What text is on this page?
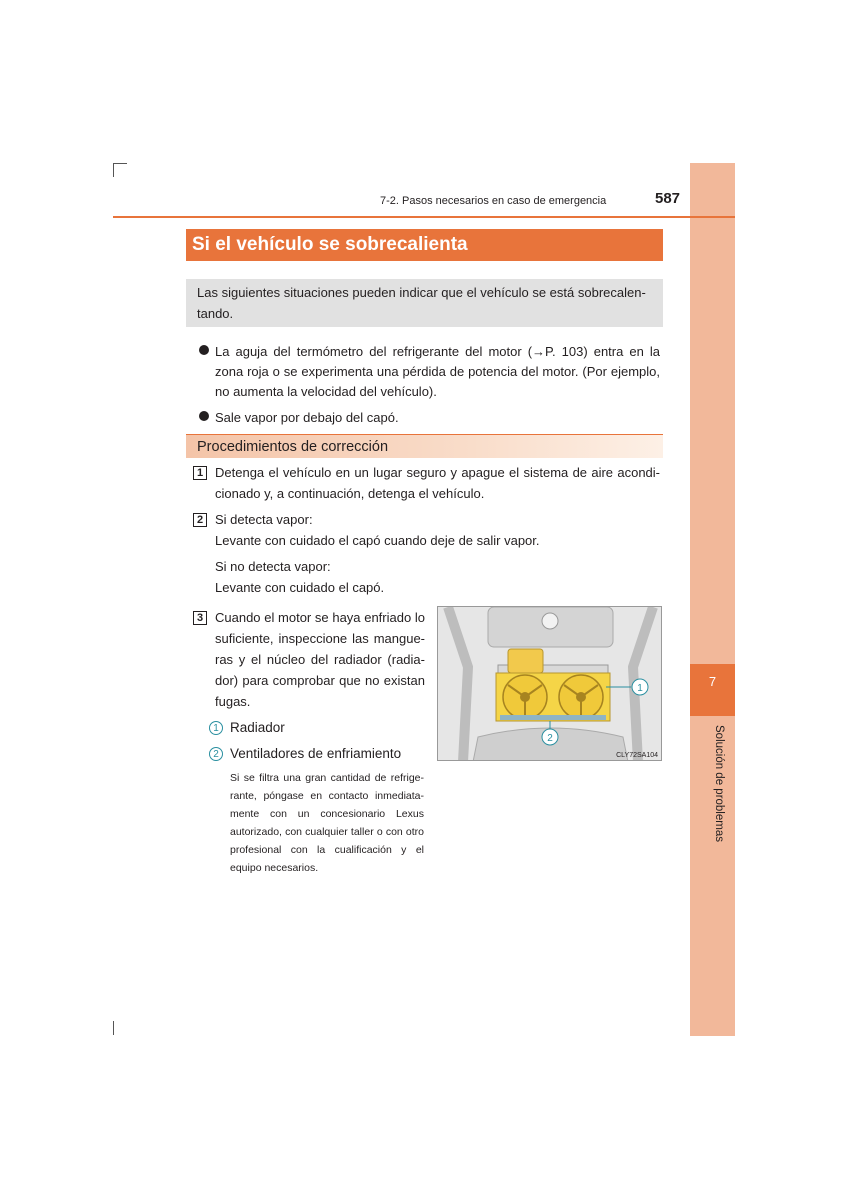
7
Solución de problemas
7-2. Pasos necesarios en caso de emergencia	587
Si el vehículo se sobrecalienta
Las siguientes situaciones pueden indicar que el vehículo se está sobrecalen-tando.
La aguja del termómetro del refrigerante del motor (→P. 103) entra en la zona roja o se experimenta una pérdida de potencia del motor. (Por ejemplo, no aumenta la velocidad del vehículo).
Sale vapor por debajo del capó.
Procedimientos de corrección
1 Detenga el vehículo en un lugar seguro y apague el sistema de aire acondi-cionado y, a continuación, detenga el vehículo.
2 Si detecta vapor:
Levante con cuidado el capó cuando deje de salir vapor.
Si no detecta vapor:
Levante con cuidado el capó.
3 Cuando el motor se haya enfriado lo suficiente, inspeccione las mangue-ras y el núcleo del radiador (radia-dor) para comprobar que no existan fugas.
1 Radiador
2 Ventiladores de enfriamiento
Si se filtra una gran cantidad de refrige-rante, póngase en contacto inmediata-mente con un concesionario Lexus autorizado, con cualquier taller o con otro profesional con la cualificación y el equipo necesarios.
1
2
CLY72SA104
